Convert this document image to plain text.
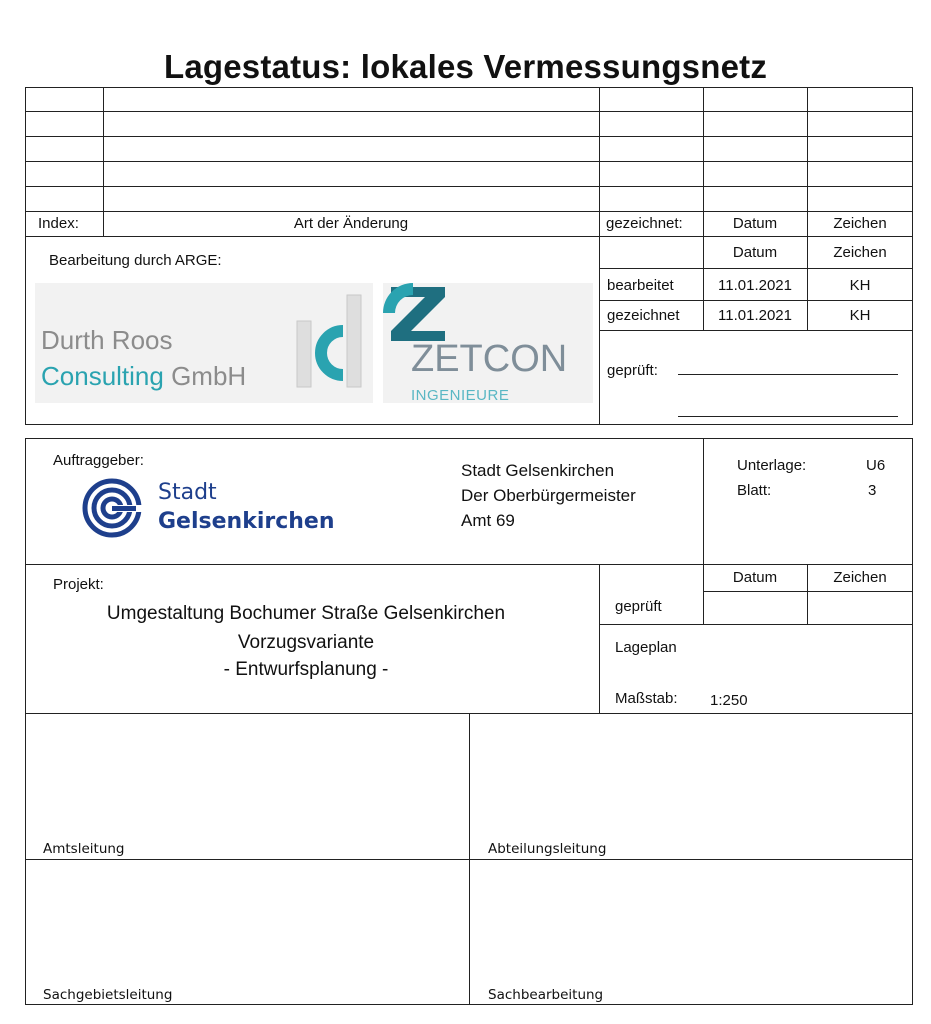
Lagestatus: lokales Vermessungsnetz
Index:	Art der Änderung	gezeichnet:	Datum	Zeichen
Bearbeitung durch ARGE:
Durth Roos
Consulting GmbH	ZETCON
INGENIEURE
Datum	Zeichen
bearbeitet	11.01.2021	KH
gezeichnet	11.01.2021	KH
geprüft:
Auftraggeber:
Stadt
Gelsenkirchen
Stadt Gelsenkirchen
Der Oberbürgermeister
Amt 69
Unterlage:	U6
Blatt:	3
Projekt:
Umgestaltung Bochumer Straße Gelsenkirchen
Vorzugsvariante
- Entwurfsplanung -
Datum	Zeichen
geprüft
Lageplan
Maßstab: 1:250
Amtsleitung	Abteilungsleitung
Sachgebietsleitung	Sachbearbeitung
